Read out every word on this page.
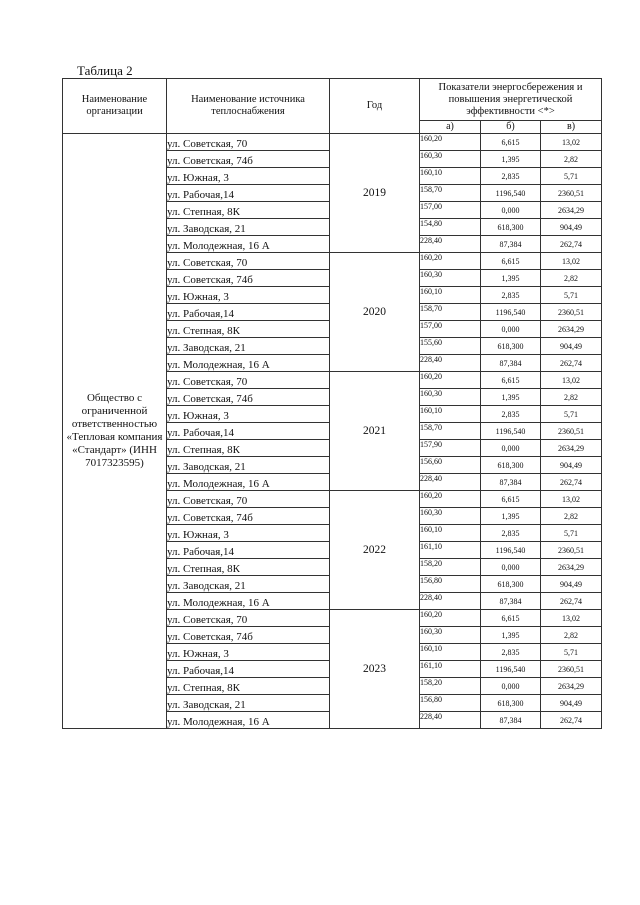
Таблица 2
Наименование организации	Наименование источника теплоснабжения	Год	Показатели энергосбережения и повышения энергетической эффективности <*>		
			а)	б)	в)
Общество с ограниченной ответственностью «Тепловая компания «Стандарт» (ИНН 7017323595)	ул. Советская, 70	2019	160,20	6,615	13,02
	ул. Советская, 74б		160,30	1,395	2,82
	ул. Южная, 3		160,10	2,835	5,71
	ул. Рабочая,14		158,70	1196,540	2360,51
	ул. Степная, 8К		157,00	0,000	2634,29
	ул. Заводская, 21		154,80	618,300	904,49
	ул. Молодежная, 16 А		228,40	87,384	262,74
	ул. Советская, 70	2020	160,20	6,615	13,02
	ул. Советская, 74б		160,30	1,395	2,82
	ул. Южная, 3		160,10	2,835	5,71
	ул. Рабочая,14		158,70	1196,540	2360,51
	ул. Степная, 8К		157,00	0,000	2634,29
	ул. Заводская, 21		155,60	618,300	904,49
	ул. Молодежная, 16 А		228,40	87,384	262,74
	ул. Советская, 70	2021	160,20	6,615	13,02
	ул. Советская, 74б		160,30	1,395	2,82
	ул. Южная, 3		160,10	2,835	5,71
	ул. Рабочая,14		158,70	1196,540	2360,51
	ул. Степная, 8К		157,90	0,000	2634,29
	ул. Заводская, 21		156,60	618,300	904,49
	ул. Молодежная, 16 А		228,40	87,384	262,74
	ул. Советская, 70	2022	160,20	6,615	13,02
	ул. Советская, 74б		160,30	1,395	2,82
	ул. Южная, 3		160,10	2,835	5,71
	ул. Рабочая,14		161,10	1196,540	2360,51
	ул. Степная, 8К		158,20	0,000	2634,29
	ул. Заводская, 21		156,80	618,300	904,49
	ул. Молодежная, 16 А		228,40	87,384	262,74
	ул. Советская, 70	2023	160,20	6,615	13,02
	ул. Советская, 74б		160,30	1,395	2,82
	ул. Южная, 3		160,10	2,835	5,71
	ул. Рабочая,14		161,10	1196,540	2360,51
	ул. Степная, 8К		158,20	0,000	2634,29
	ул. Заводская, 21		156,80	618,300	904,49
	ул. Молодежная, 16 А		228,40	87,384	262,74
